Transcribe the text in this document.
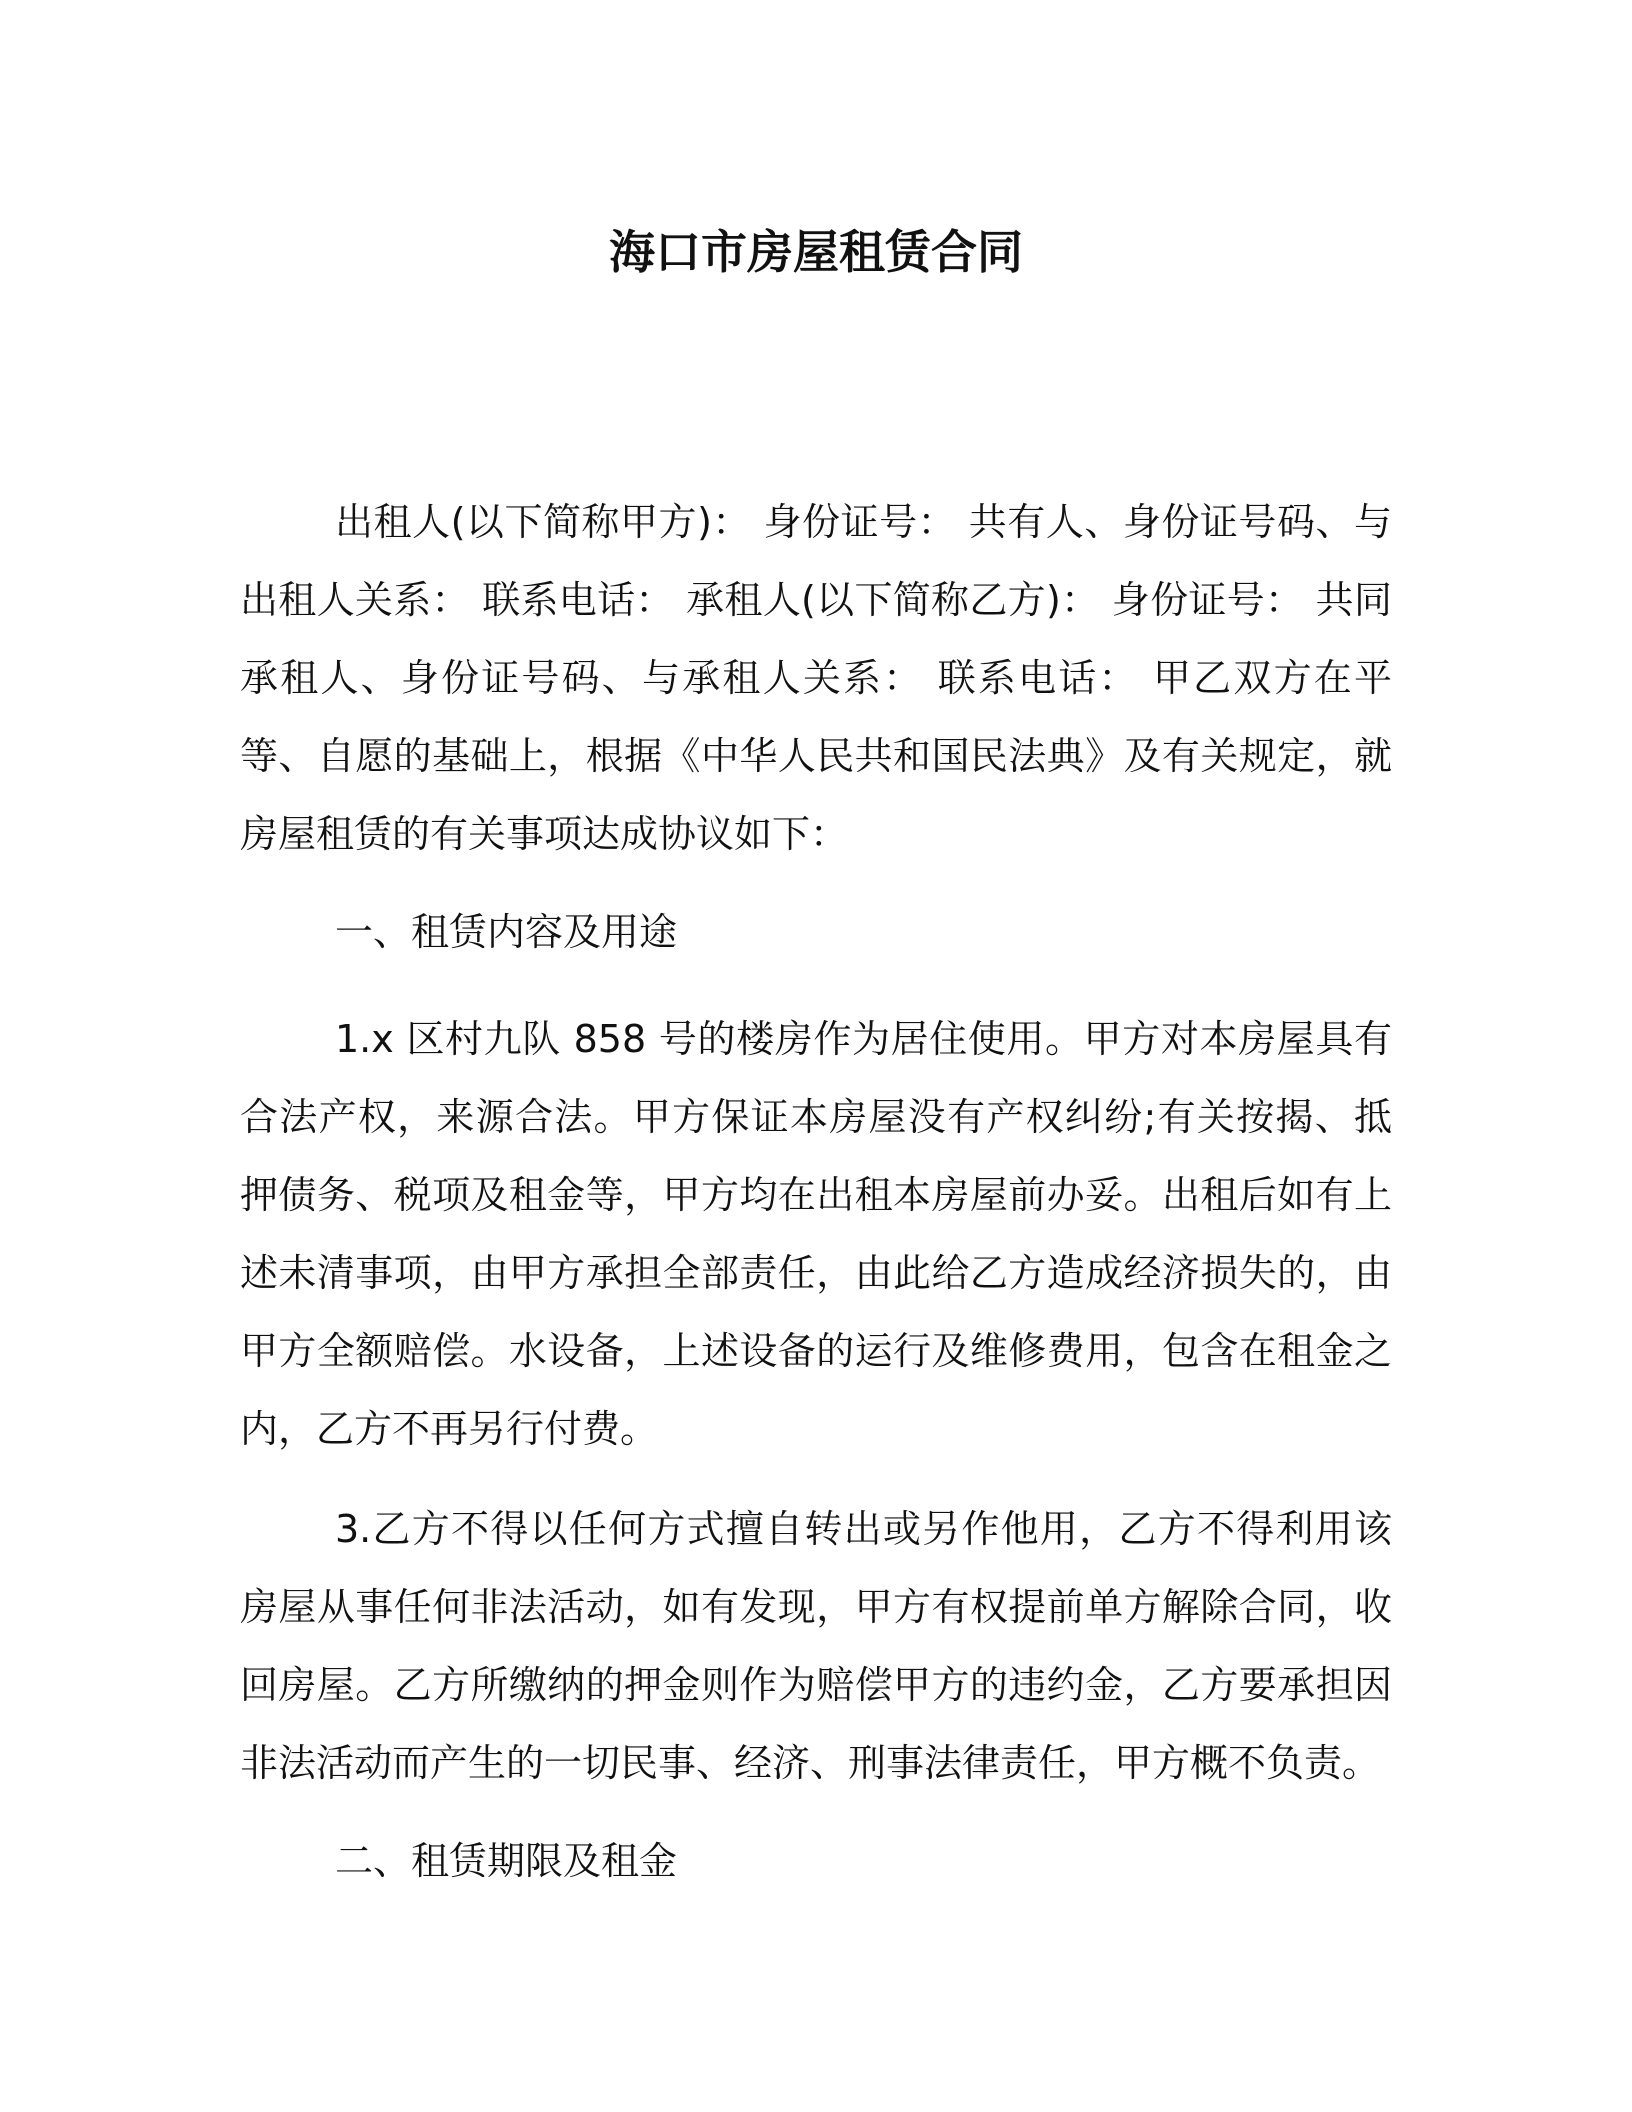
海口市房屋租赁合同

出租人(以下简称甲方)： 身份证号： 共有人、身份证号码、与出租人关系： 联系电话： 承租人(以下简称乙方)： 身份证号： 共同承租人、身份证号码、与承租人关系： 联系电话： 甲乙双方在平等、自愿的基础上，根据《中华人民共和国民法典》及有关规定，就房屋租赁的有关事项达成协议如下：

一、租赁内容及用途

1.x 区村九队 858 号的楼房作为居住使用。甲方对本房屋具有合法产权，来源合法。甲方保证本房屋没有产权纠纷;有关按揭、抵押债务、税项及租金等，甲方均在出租本房屋前办妥。出租后如有上述未清事项，由甲方承担全部责任，由此给乙方造成经济损失的，由甲方全额赔偿。水设备，上述设备的运行及维修费用，包含在租金之内，乙方不再另行付费。

3.乙方不得以任何方式擅自转出或另作他用，乙方不得利用该房屋从事任何非法活动，如有发现，甲方有权提前单方解除合同，收回房屋。乙方所缴纳的押金则作为赔偿甲方的违约金，乙方要承担因非法活动而产生的一切民事、经济、刑事法律责任，甲方概不负责。

二、租赁期限及租金
